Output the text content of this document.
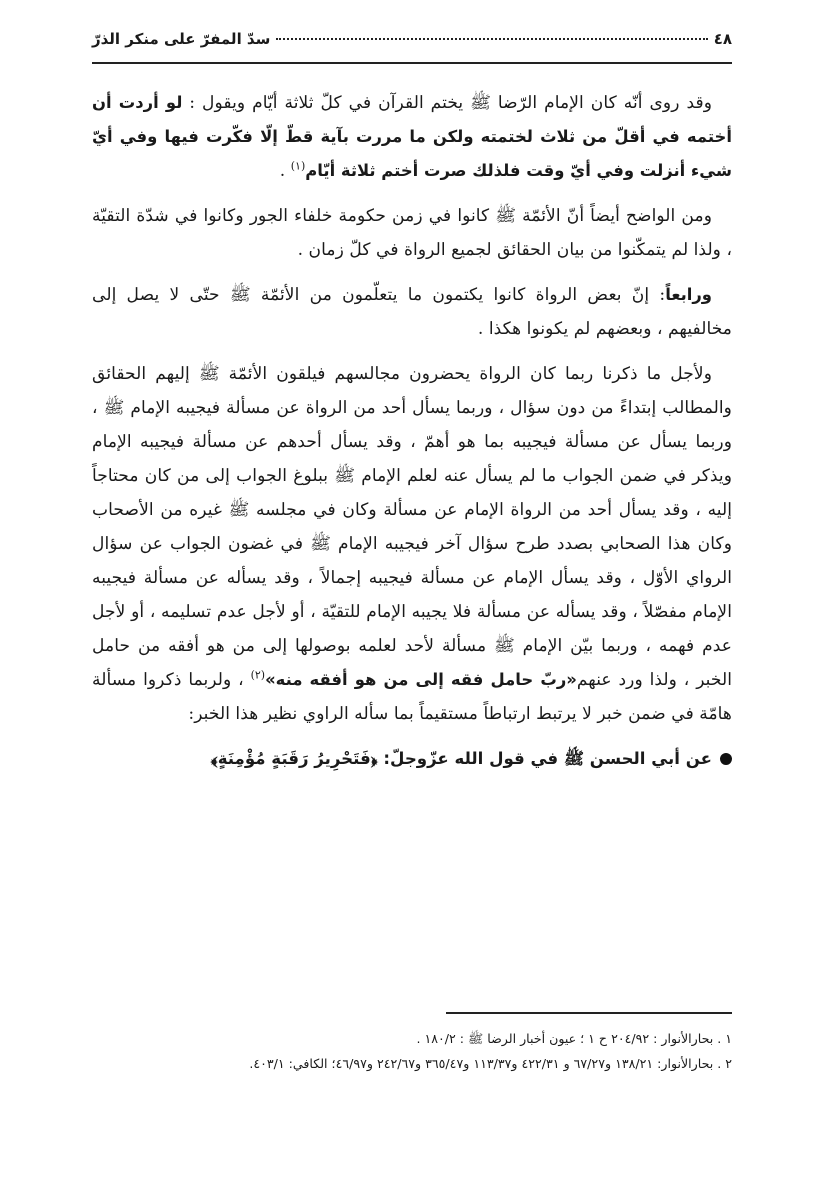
٤٨
سدّ المفرّ على منكر الذرّ

وقد روى أنّه كان الإمام الرّضا ﷺ يختم القرآن في كلّ ثلاثة أيّام ويقول : لو أردت أن أختمه في أقلّ من ثلاث لختمته ولكن ما مررت بآية قطّ إلّا فكّرت فيها وفي أيّ شيء أنزلت وفي أيّ وقت فلذلك صرت أختم ثلاثة أيّام$^{(١)}$ .

ومن الواضح أيضاً أنّ الأئمّة ﷺ كانوا في زمن حكومة خلفاء الجور وكانوا في شدّة التقيّة ، ولذا لم يتمكّنوا من بيان الحقائق لجميع الرواة في كلّ زمان .

ورابعاً: إنّ بعض الرواة كانوا يكتمون ما يتعلّمون من الأئمّة ﷺ حتّى لا يصل إلى مخالفيهم ، وبعضهم لم يكونوا هكذا .

ولأجل ما ذكرنا ربما كان الرواة يحضرون مجالسهم فيلقون الأئمّة ﷺ إليهم الحقائق والمطالب إبتداءً من دون سؤال ، وربما يسأل أحد من الرواة عن مسألة فيجيبه الإمام ﷺ ، وربما يسأل عن مسألة فيجيبه بما هو أهمّ ، وقد يسأل أحدهم عن مسألة فيجيبه الإمام ويذكر في ضمن الجواب ما لم يسأل عنه لعلم الإمام ﷺ ببلوغ الجواب إلى من كان محتاجاً إليه ، وقد يسأل أحد من الرواة الإمام عن مسألة وكان في مجلسه ﷺ غيره من الأصحاب وكان هذا الصحابي بصدد طرح سؤال آخر فيجيبه الإمام ﷺ في غضون الجواب عن سؤال الرواي الأوّل ، وقد يسأل الإمام عن مسألة فيجيبه إجمالاً ، وقد يسأله عن مسألة فيجيبه الإمام مفصّلاً ، وقد يسأله عن مسألة فلا يجيبه الإمام للتقيّة ، أو لأجل عدم تسليمه ، أو لأجل عدم فهمه ، وربما بيّن الإمام ﷺ مسألة لأحد لعلمه بوصولها إلى من هو أفقه من حامل الخبر ، ولذا ورد عنهم«ربّ حامل فقه إلى من هو أفقه منه»$^{(٢)}$ ، ولربما ذكروا مسألة هامّة في ضمن خبر لا يرتبط ارتباطاً مستقيماً بما سأله الراوي نظير هذا الخبر:

عن أبي الحسن ﷺ في قول الله عزّوجلّ: ﴿فَتَحْرِيرُ رَقَبَةٍ مُؤْمِنَةٍ﴾

١ . بحارالأنوار : ٢٠٤/٩٢ ح ١ ؛ عيون أخبار الرضا ﷺ : ١٨٠/٢ .
٢ . بحارالأنوار: ١٣٨/٢١ و٦٧/٢٧ و ٤٢٢/٣١ و١١٣/٣٧ و٣٦٥/٤٧ و٢٤٢/٦٧ و٤٦/٩٧؛ الكافي: ٤٠٣/١.
